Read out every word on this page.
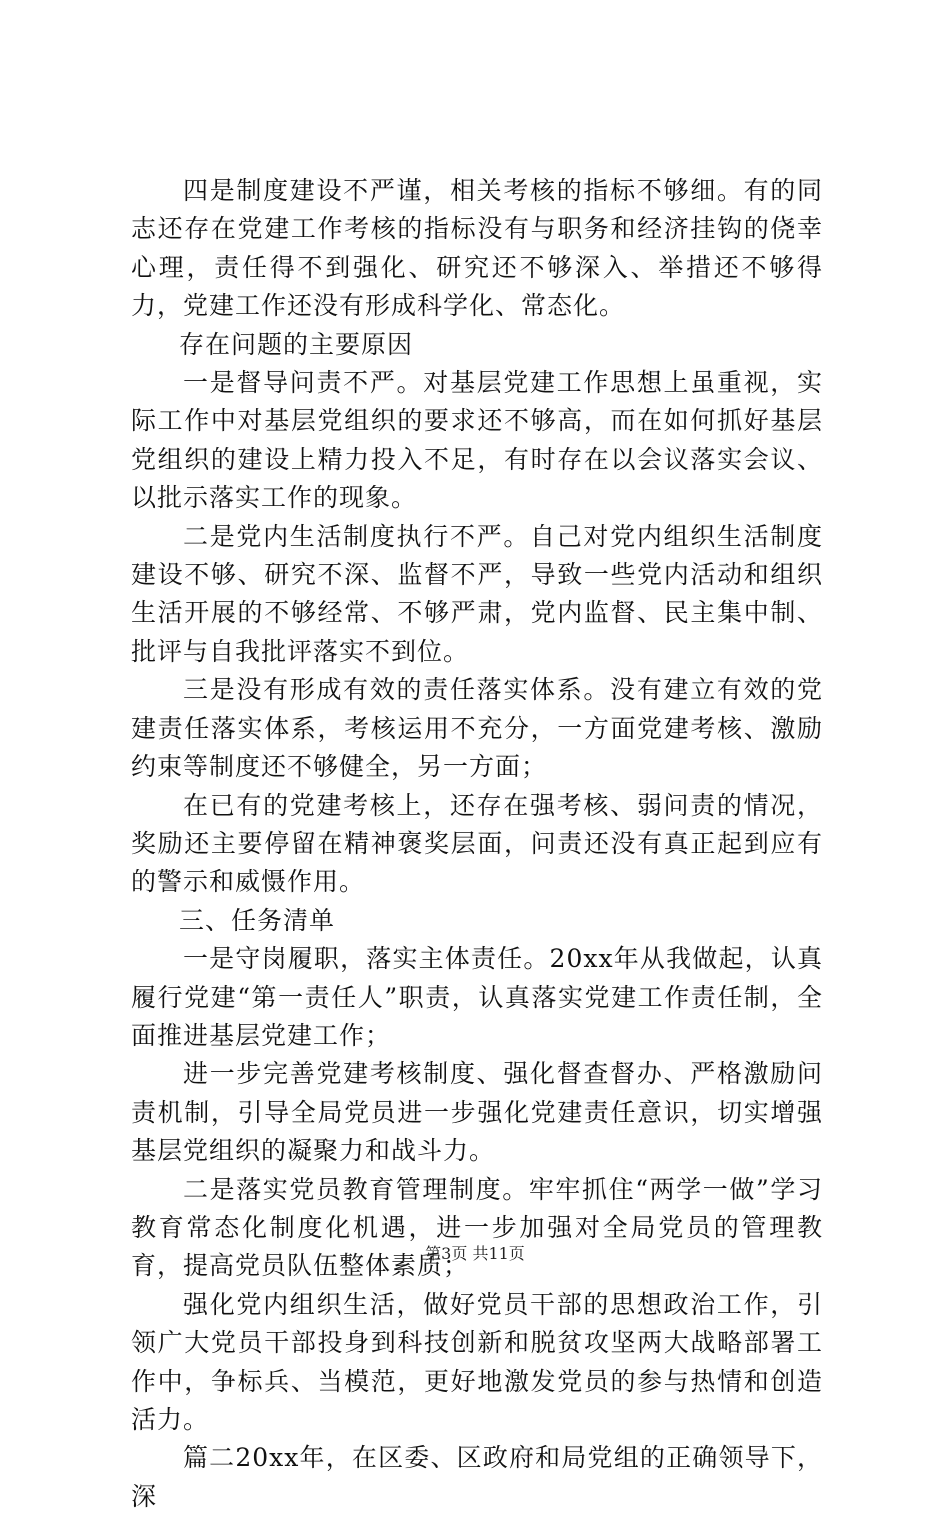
四是制度建设不严谨，相关考核的指标不够细。有的同志还存在党建工作考核的指标没有与职务和经济挂钩的侥幸心理，责任得不到强化、研究还不够深入、举措还不够得力，党建工作还没有形成科学化、常态化。

存在问题的主要原因

一是督导问责不严。对基层党建工作思想上虽重视，实际工作中对基层党组织的要求还不够高，而在如何抓好基层党组织的建设上精力投入不足，有时存在以会议落实会议、以批示落实工作的现象。

二是党内生活制度执行不严。自己对党内组织生活制度建设不够、研究不深、监督不严，导致一些党内活动和组织生活开展的不够经常、不够严肃，党内监督、民主集中制、批评与自我批评落实不到位。

三是没有形成有效的责任落实体系。没有建立有效的党建责任落实体系，考核运用不充分，一方面党建考核、激励约束等制度还不够健全，另一方面；

在已有的党建考核上，还存在强考核、弱问责的情况，奖励还主要停留在精神褒奖层面，问责还没有真正起到应有的警示和威慑作用。

三、任务清单

一是守岗履职，落实主体责任。20xx年从我做起，认真履行党建“第一责任人”职责，认真落实党建工作责任制，全面推进基层党建工作；

进一步完善党建考核制度、强化督查督办、严格激励问责机制，引导全局党员进一步强化党建责任意识，切实增强基层党组织的凝聚力和战斗力。

二是落实党员教育管理制度。牢牢抓住“两学一做”学习教育常态化制度化机遇，进一步加强对全局党员的管理教育，提高党员队伍整体素质；

强化党内组织生活，做好党员干部的思想政治工作，引领广大党员干部投身到科技创新和脱贫攻坚两大战略部署工作中，争标兵、当模范，更好地激发党员的参与热情和创造活力。

篇二20xx年，在区委、区政府和局党组的正确领导下，深

第3页 共11页
